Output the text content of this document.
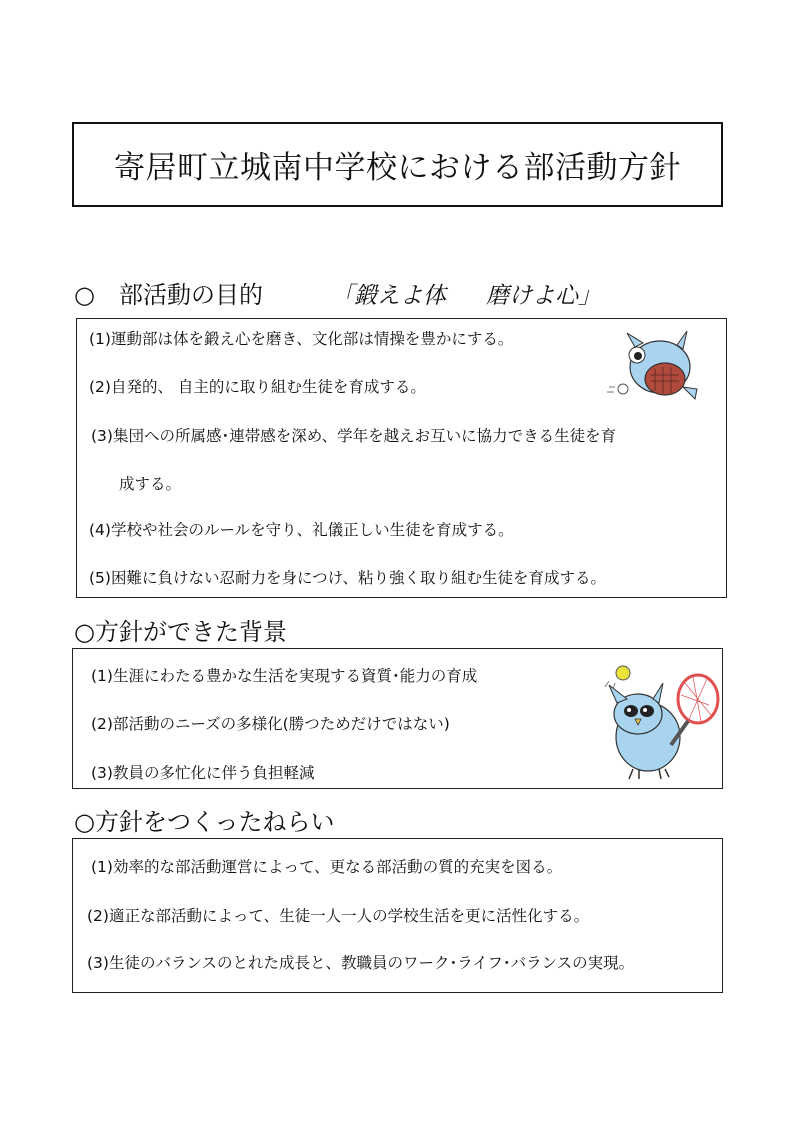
寄居町立城南中学校における部活動方針
○　部活動の目的	「鍛えよ体 磨けよ心」
(1)運動部は体を鍛え心を磨き、文化部は情操を豊かにする。
(2)自発的、 自主的に取り組む生徒を育成する。
(3)集団への所属感･連帯感を深め、学年を越えお互いに協力できる生徒を育
成する。
(4)学校や社会のルールを守り、礼儀正しい生徒を育成する。
(5)困難に負けない忍耐力を身につけ、粘り強く取り組む生徒を育成する。
○方針ができた背景
(1)生涯にわたる豊かな生活を実現する資質･能力の育成
(2)部活動のニーズの多様化(勝つためだけではない)
(3)教員の多忙化に伴う負担軽減
○方針をつくったねらい
(1)効率的な部活動運営によって、更なる部活動の質的充実を図る。
(2)適正な部活動によって、生徒一人一人の学校生活を更に活性化する。
(3)生徒のバランスのとれた成長と、教職員のワーク･ライフ･バランスの実現。
